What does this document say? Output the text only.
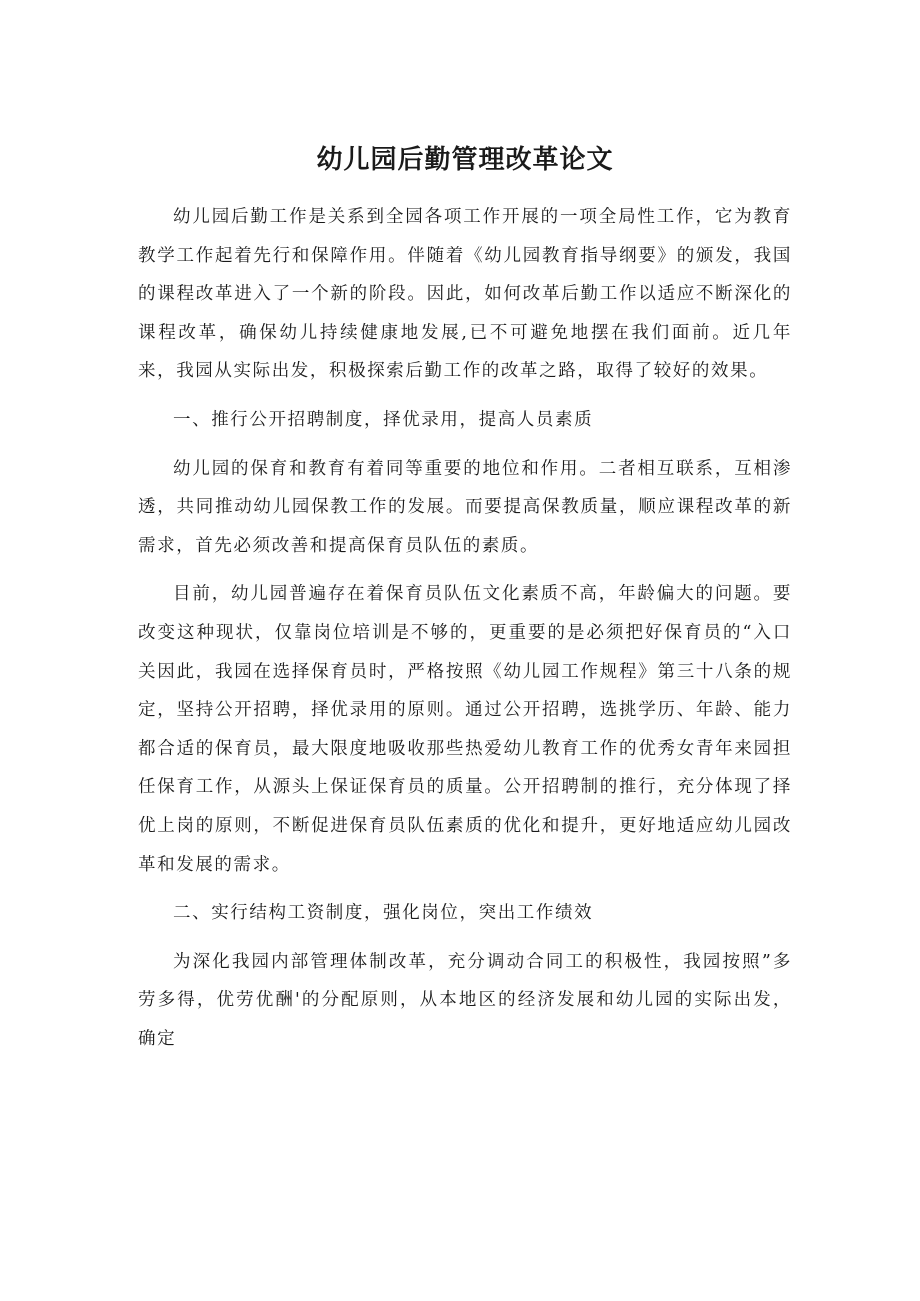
幼儿园后勤管理改革论文

幼儿园后勤工作是关系到全园各项工作开展的一项全局性工作，它为教育教学工作起着先行和保障作用。伴随着《幼儿园教育指导纲要》的颁发，我国的课程改革进入了一个新的阶段。因此，如何改革后勤工作以适应不断深化的课程改革，确保幼儿持续健康地发展,已不可避免地摆在我们面前。近几年来，我园从实际出发，积极探索后勤工作的改革之路，取得了较好的效果。

一、推行公开招聘制度，择优录用，提高人员素质

幼儿园的保育和教育有着同等重要的地位和作用。二者相互联系，互相渗透，共同推动幼儿园保教工作的发展。而要提高保教质量，顺应课程改革的新需求，首先必须改善和提高保育员队伍的素质。

目前，幼儿园普遍存在着保育员队伍文化素质不高，年龄偏大的问题。要改变这种现状，仅靠岗位培训是不够的，更重要的是必须把好保育员的“入口关因此，我园在选择保育员时，严格按照《幼儿园工作规程》第三十八条的规定，坚持公开招聘，择优录用的原则。通过公开招聘，选挑学历、年龄、能力都合适的保育员，最大限度地吸收那些热爱幼儿教育工作的优秀女青年来园担任保育工作，从源头上保证保育员的质量。公开招聘制的推行，充分体现了择优上岗的原则，不断促进保育员队伍素质的优化和提升，更好地适应幼儿园改革和发展的需求。

二、实行结构工资制度，强化岗位，突出工作绩效

为深化我园内部管理体制改革，充分调动合同工的积极性，我园按照”多劳多得，优劳优酬'的分配原则，从本地区的经济发展和幼儿园的实际出发，确定
